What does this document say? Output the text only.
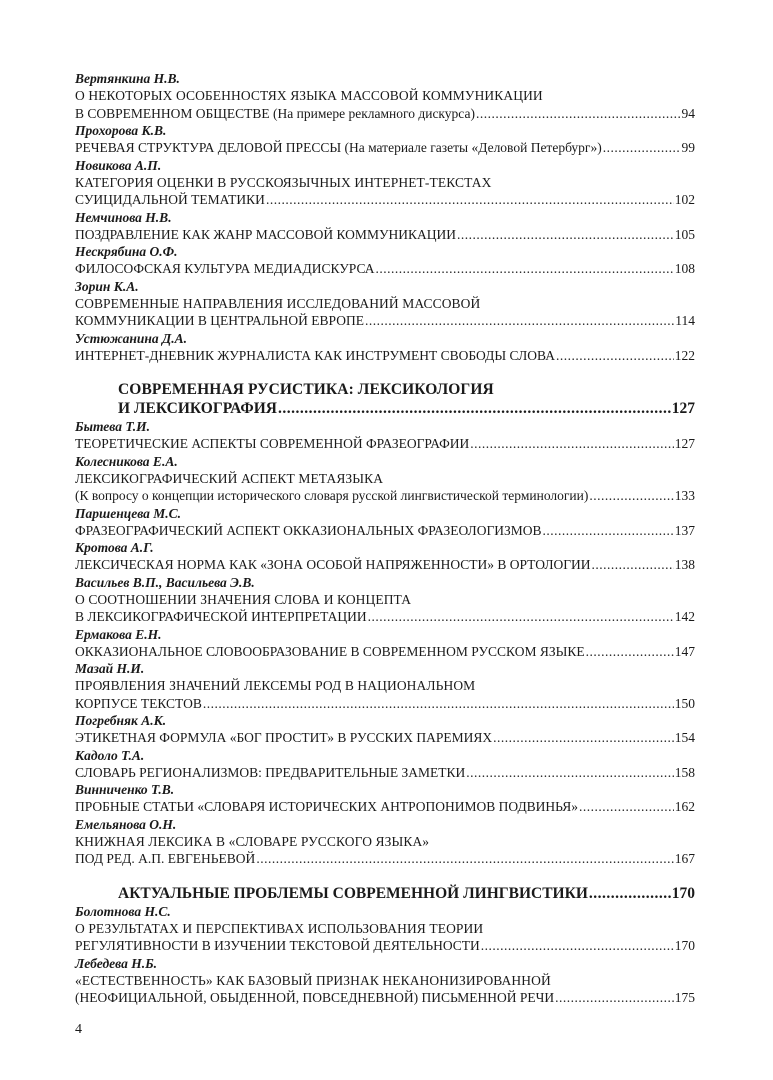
Вертянкина Н.В.
О НЕКОТОРЫХ ОСОБЕННОСТЯХ ЯЗЫКА МАССОВОЙ КОММУНИКАЦИИ
В СОВРЕМЕННОМ ОБЩЕСТВЕ (На примере рекламного дискурса) .....	94
Прохорова К.В.
РЕЧЕВАЯ СТРУКТУРА ДЕЛОВОЙ ПРЕССЫ (На материале газеты «Деловой Петербург») .....	99
Новикова А.П.
КАТЕГОРИЯ ОЦЕНКИ В РУССКОЯЗЫЧНЫХ ИНТЕРНЕТ-ТЕКСТАХ
СУИЦИДАЛЬНОЙ ТЕМАТИКИ .....	102
Немчинова Н.В.
ПОЗДРАВЛЕНИЕ КАК ЖАНР МАССОВОЙ КОММУНИКАЦИИ .....	105
Нескрябина О.Ф.
ФИЛОСОФСКАЯ КУЛЬТУРА МЕДИАДИСКУРСА .....	108
Зорин К.А.
СОВРЕМЕННЫЕ НАПРАВЛЕНИЯ ИССЛЕДОВАНИЙ МАССОВОЙ
КОММУНИКАЦИИ В ЦЕНТРАЛЬНОЙ ЕВРОПЕ .....	114
Устюжанина Д.А.
ИНТЕРНЕТ-ДНЕВНИК ЖУРНАЛИСТА КАК ИНСТРУМЕНТ СВОБОДЫ СЛОВА .....	122
СОВРЕМЕННАЯ РУСИСТИКА: ЛЕКСИКОЛОГИЯ
И ЛЕКСИКОГРАФИЯ .....	127
Бытева Т.И.
ТЕОРЕТИЧЕСКИЕ АСПЕКТЫ СОВРЕМЕННОЙ ФРАЗЕОГРАФИИ .....	127
Колесникова Е.А.
ЛЕКСИКОГРАФИЧЕСКИЙ АСПЕКТ МЕТАЯЗЫКА
(К вопросу о концепции исторического словаря русской лингвистической терминологии) .....	133
Паршенцева М.С.
ФРАЗЕОГРАФИЧЕСКИЙ АСПЕКТ ОККАЗИОНАЛЬНЫХ ФРАЗЕОЛОГИЗМОВ .....	137
Кротова А.Г.
ЛЕКСИЧЕСКАЯ НОРМА КАК «ЗОНА ОСОБОЙ НАПРЯЖЕННОСТИ» В ОРТОЛОГИИ .....	138
Васильев В.П., Васильева Э.В.
О СООТНОШЕНИИ ЗНАЧЕНИЯ СЛОВА И КОНЦЕПТА
В ЛЕКСИКОГРАФИЧЕСКОЙ ИНТЕРПРЕТАЦИИ .....	142
Ермакова Е.Н.
ОККАЗИОНАЛЬНОЕ СЛОВООБРАЗОВАНИЕ В СОВРЕМЕННОМ РУССКОМ ЯЗЫКЕ .....	147
Мазай Н.И.
ПРОЯВЛЕНИЯ ЗНАЧЕНИЙ ЛЕКСЕМЫ РОД В НАЦИОНАЛЬНОМ
КОРПУСЕ ТЕКСТОВ .....	150
Погребняк А.К.
ЭТИКЕТНАЯ ФОРМУЛА «БОГ ПРОСТИТ» В РУССКИХ ПАРЕМИЯХ .....	154
Кадоло Т.А.
СЛОВАРЬ РЕГИОНАЛИЗМОВ: ПРЕДВАРИТЕЛЬНЫЕ ЗАМЕТКИ .....	158
Винниченко Т.В.
ПРОБНЫЕ СТАТЬИ «СЛОВАРЯ ИСТОРИЧЕСКИХ АНТРОПОНИМОВ ПОДВИНЬЯ» .....	162
Емельянова О.Н.
КНИЖНАЯ ЛЕКСИКА В «СЛОВАРЕ РУССКОГО ЯЗЫКА»
ПОД РЕД. А.П. ЕВГЕНЬЕВОЙ .....	167
АКТУАЛЬНЫЕ ПРОБЛЕМЫ СОВРЕМЕННОЙ ЛИНГВИСТИКИ .....	170
Болотнова Н.С.
О РЕЗУЛЬТАТАХ И ПЕРСПЕКТИВАХ ИСПОЛЬЗОВАНИЯ ТЕОРИИ
РЕГУЛЯТИВНОСТИ В ИЗУЧЕНИИ ТЕКСТОВОЙ ДЕЯТЕЛЬНОСТИ .....	170
Лебедева Н.Б.
«ЕСТЕСТВЕННОСТЬ» КАК БАЗОВЫЙ ПРИЗНАК НЕКАНОНИЗИРОВАННОЙ
(НЕОФИЦИАЛЬНОЙ, ОБЫДЕННОЙ, ПОВСЕДНЕВНОЙ) ПИСЬМЕННОЙ РЕЧИ .....	175
4
